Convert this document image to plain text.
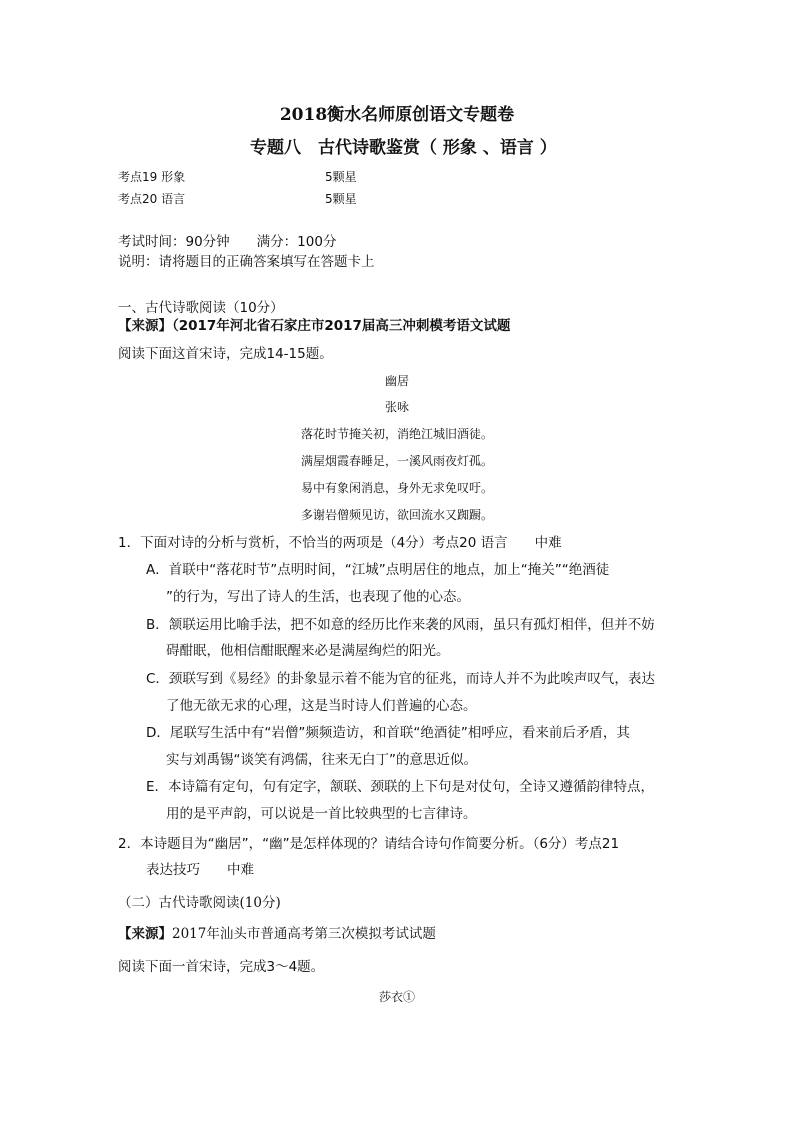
2018衡水名师原创语文专题卷
专题八　古代诗歌鉴赏（ 形象 、语言 ）
考点19 形象	5颗星
考点20 语言	5颗星
考试时间：90分钟　　满分：100分
说明：请将题目的正确答案填写在答题卡上
一、古代诗歌阅读（10分）
【来源】（2017年河北省石家庄市2017届高三冲刺模考语文试题
阅读下面这首宋诗，完成14-15题。
幽居
张咏
落花时节掩关初，消绝江城旧酒徒。
满屋烟霞春睡足，一溪风雨夜灯孤。
易中有象闲消息，身外无求免叹吁。
多谢岩僧频见访，欲回流水又踟蹰。
1．下面对诗的分析与赏析，不恰当的两项是（4分）考点20 语言　　中难
A．首联中“落花时节”点明时间，“江城”点明居住的地点，加上“掩关”“绝酒徒
”的行为，写出了诗人的生活，也表现了他的心态。
B．颔联运用比喻手法，把不如意的经历比作来袭的风雨，虽只有孤灯相伴，但并不妨
碍酣眠，他相信酣眠醒来必是满屋绚烂的阳光。
C．颈联写到《易经》的卦象显示着不能为官的征兆，而诗人并不为此唉声叹气，表达
了他无欲无求的心理，这是当时诗人们普遍的心态。
D．尾联写生活中有“岩僧”频频造访，和首联“绝酒徒”相呼应，看来前后矛盾，其
实与刘禹锡“谈笑有鸿儒，往来无白丁”的意思近似。
E．本诗篇有定句，句有定字，颔联、颈联的上下句是对仗句，全诗又遵循韵律特点，
用的是平声韵，可以说是一首比较典型的七言律诗。
2．本诗题目为“幽居”，“幽”是怎样体现的？请结合诗句作简要分析。（6分）考点21
表达技巧　　中难
（二）古代诗歌阅读(10分)
【来源】2017年汕头市普通高考第三次模拟考试试题
阅读下面一首宋诗，完成3～4题。
莎衣①
